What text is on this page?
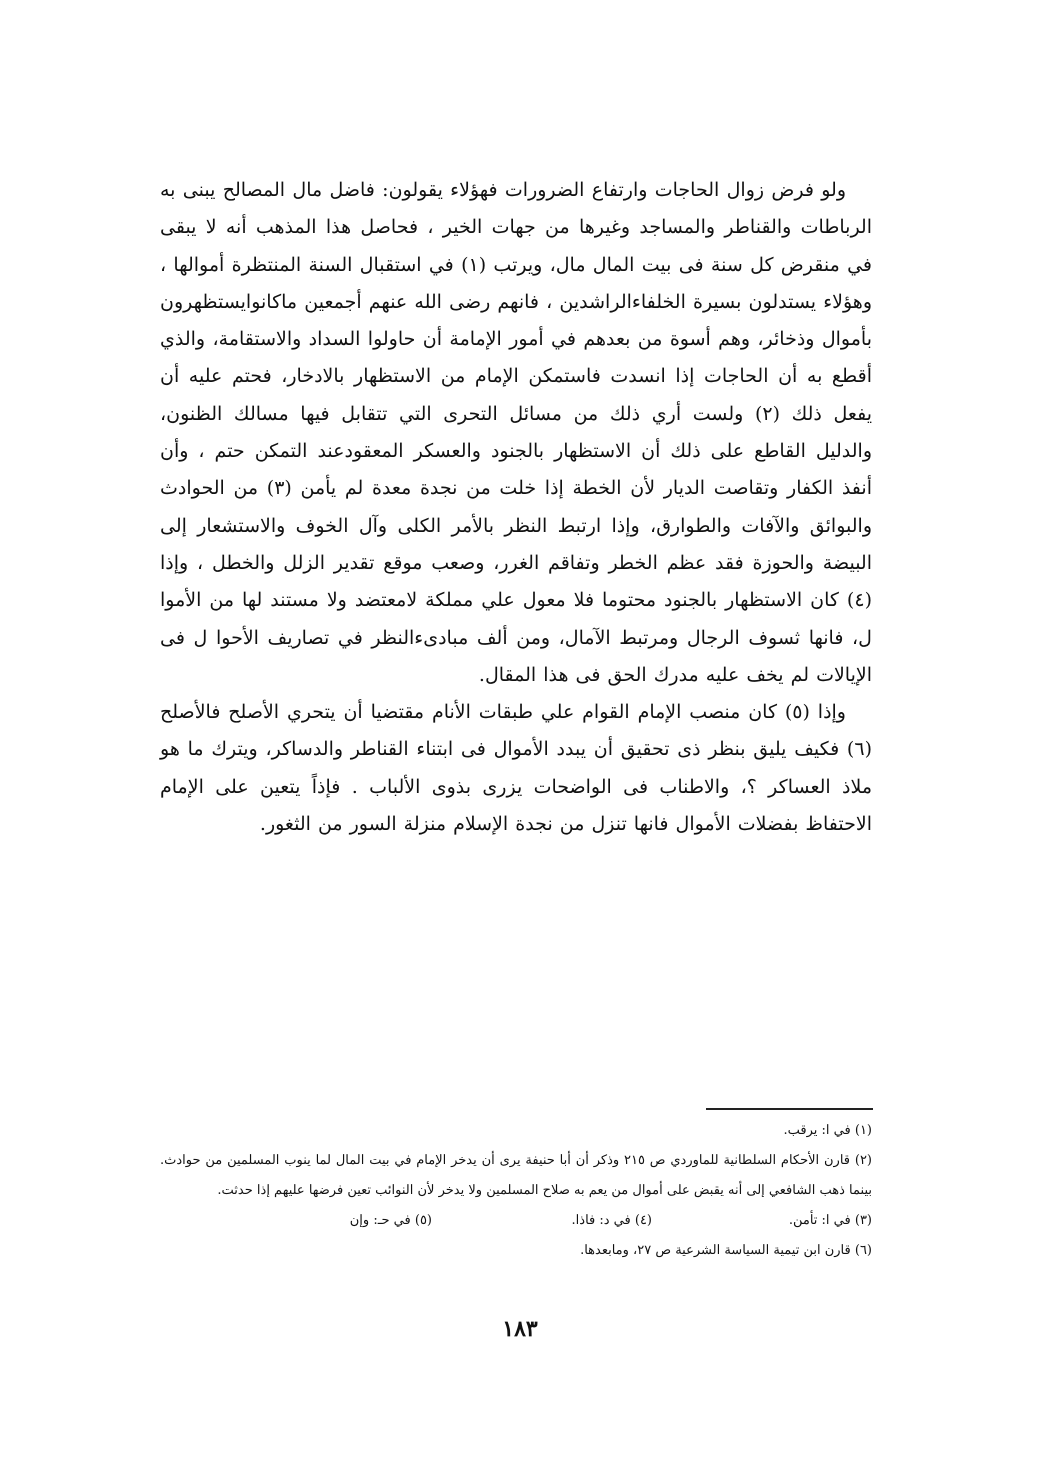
ولو فرض زوال الحاجات وارتفاع الضرورات فهؤلاء يقولون: فاضل مال المصالح يبنى به الرباطات والقناطر والمساجد وغيرها من جهات الخير ، فحاصل هذا المذهب أنه لا يبقى في منقرض كل سنة فى بيت المال مال، ويرتب (١) في استقبال السنة المنتظرة أموالها ، وهؤلاء يستدلون بسيرة الخلفاءالراشدين ، فانهم رضى الله عنهم أجمعين ماكانوايستظهرون بأموال وذخائر، وهم أسوة من بعدهم في أمور الإمامة أن حاولوا السداد والاستقامة، والذي أقطع به أن الحاجات إذا انسدت فاستمكن الإمام من الاستظهار بالادخار، فحتم عليه أن يفعل ذلك (٢) ولست أري ذلك من مسائل التحرى التي تتقابل فيها مسالك الظنون، والدليل القاطع على ذلك أن الاستظهار بالجنود والعسكر المعقودعند التمكن حتم ، وأن أنفذ الكفار وتقاصت الديار لأن الخطة إذا خلت من نجدة معدة لم يأمن (٣) من الحوادث والبوائق والآفات والطوارق، وإذا ارتبط النظر بالأمر الكلى وآل الخوف والاستشعار إلى البيضة والحوزة فقد عظم الخطر وتفاقم الغرر، وصعب موقع تقدير الزلل والخطل ، وإذا (٤) كان الاستظهار بالجنود محتوما فلا معول علي مملكة لامعتضد ولا مستند لها من الأموا ل، فانها ثسوف الرجال ومرتبط الآمال، ومن ألف مبادىءالنظر في تصاريف الأحوا ل فى الإيالات لم يخف عليه مدرك الحق فى هذا المقال.

وإذا (٥) كان منصب الإمام القوام علي طبقات الأنام مقتضيا أن يتحري الأصلح فالأصلح (٦) فكيف يليق بنظر ذى تحقيق أن يبدد الأموال فى ابتناء القناطر والدساكر، ويترك ما هو ملاذ العساكر ؟، والاطناب فى الواضحات يزرى بذوى الألباب . فإذاً يتعين على الإمام الاحتفاظ بفضلات الأموال فانها تنزل من نجدة الإسلام منزلة السور من الثغور.

(١) في ا: يرقب.

(٢) قارن الأحكام السلطانية للماوردي ص ٢١٥ وذكر أن أبا حنيفة يرى أن يدخر الإمام في بيت المال لما ينوب المسلمين من حوادث. بينما ذهب الشافعي إلى أنه يقبض على أموال من يعم به صلاح المسلمين ولا يدخر لأن النوائب تعين فرضها عليهم إذا حدثت.

(٣) في ا: تأمن.
(٤) في د: فاذا.
(٥) في حـ: وإن

(٦) قارن ابن تيمية السياسة الشرعية ص ٢٧، ومابعدها.

١٨٣
